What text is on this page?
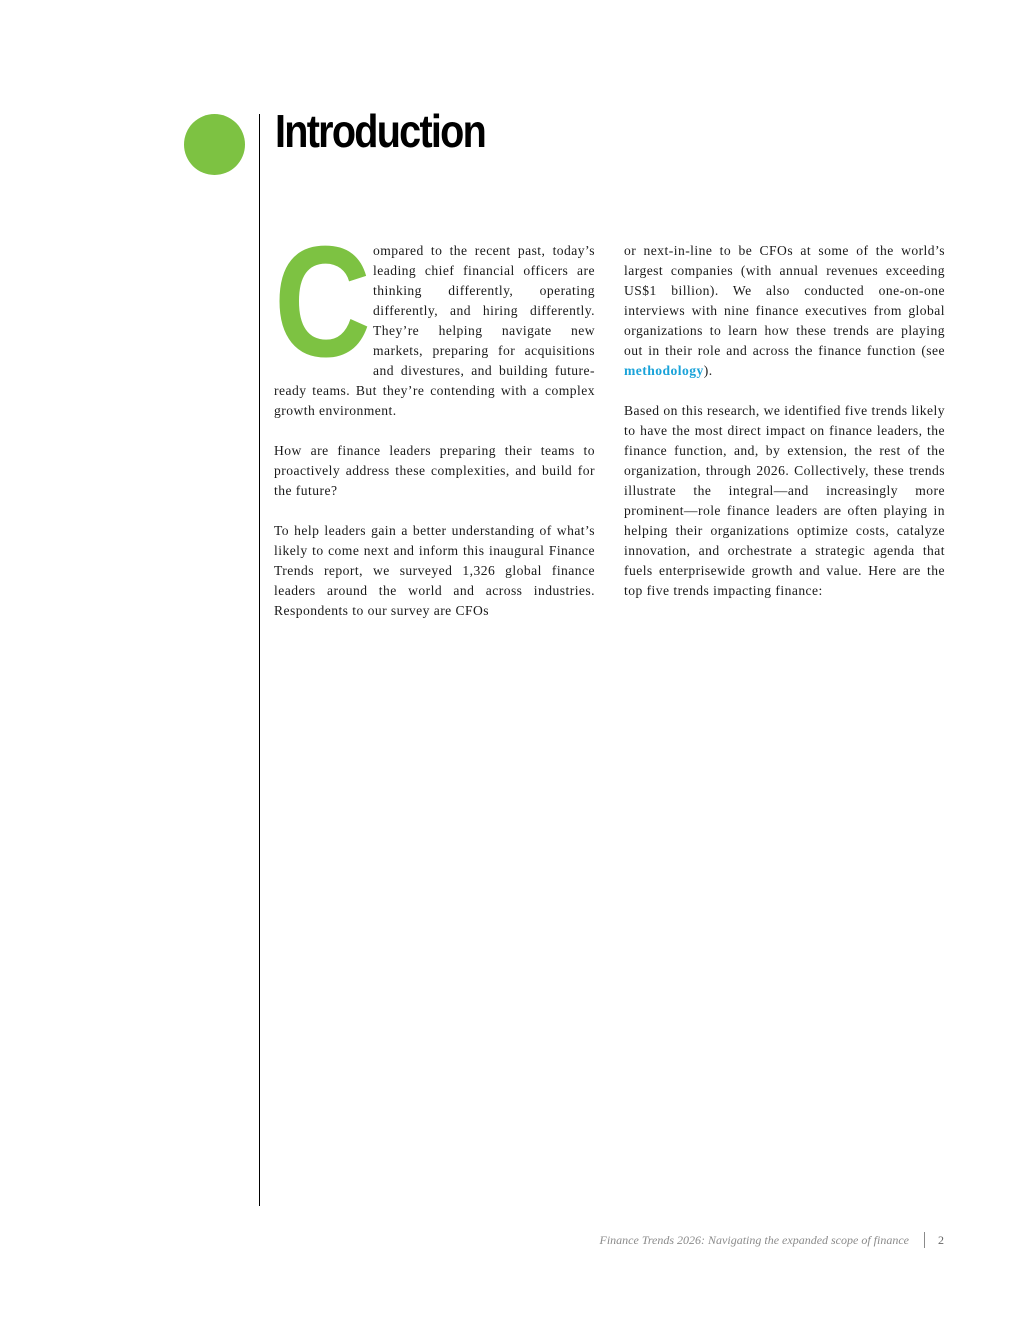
Introduction

Compared to the recent past, today’s leading chief financial officers are thinking differently, operating differently, and hiring differently. They’re helping navigate new markets, preparing for acquisitions and divestures, and building future-ready teams. But they’re contending with a complex growth environment.

How are finance leaders preparing their teams to proactively address these complexities, and build for the future?

To help leaders gain a better understanding of what’s likely to come next and inform this inaugural Finance Trends report, we surveyed 1,326 global finance leaders around the world and across industries. Respondents to our survey are CFOs

or next-in-line to be CFOs at some of the world’s largest companies (with annual revenues exceeding US$1 billion). We also conducted one-on-one interviews with nine finance executives from global organizations to learn how these trends are playing out in their role and across the finance function (see methodology).

Based on this research, we identified five trends likely to have the most direct impact on finance leaders, the finance function, and, by extension, the rest of the organization, through 2026. Collectively, these trends illustrate the integral—and increasingly more prominent—role finance leaders are often playing in helping their organizations optimize costs, catalyze innovation, and orchestrate a strategic agenda that fuels enterprisewide growth and value. Here are the top five trends impacting finance:

Finance Trends 2026: Navigating the expanded scope of finance 2
